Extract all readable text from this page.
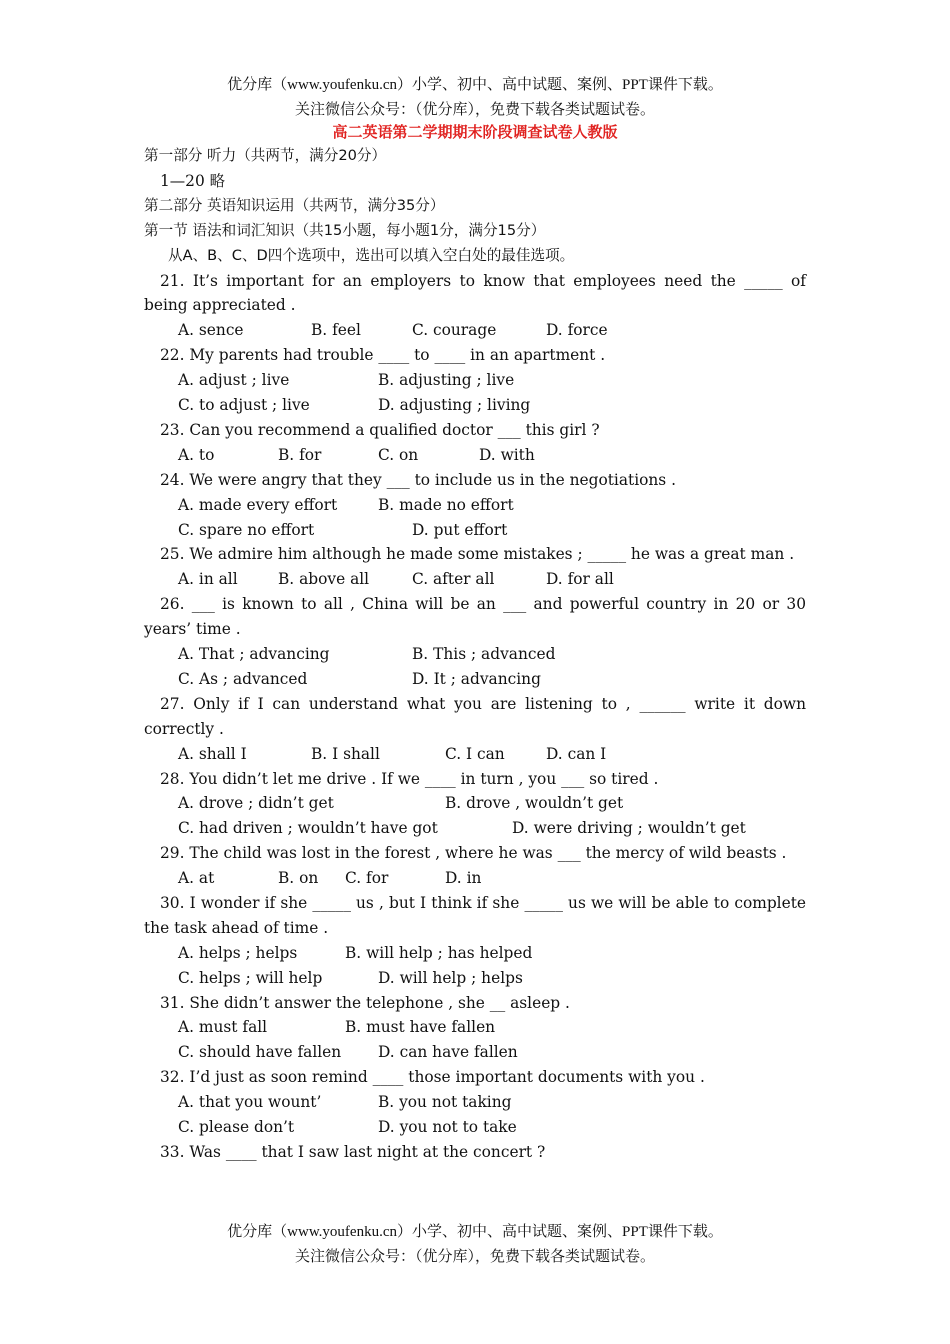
优分库（www.youfenku.cn）小学、初中、高中试题、案例、PPT课件下载。
关注微信公众号：（优分库），免费下载各类试题试卷。
高二英语第二学期期末阶段调查试卷人教版
第一部分 听力（共两节，满分20分）
1—20 略
第二部分 英语知识运用（共两节，满分35分）
第一节 语法和词汇知识（共15小题，每小题1分，满分15分）
从A、B、C、D四个选项中，选出可以填入空白处的最佳选项。
21. It’s important for an employers to know that employees need the _____ of being appreciated .
A. sence	B. feel	C. courage	D. force
22. My parents had trouble ____ to ____ in an apartment .
A. adjust ; live	B. adjusting ; live
C. to adjust ; live	D. adjusting ; living
23. Can you recommend a qualified doctor ___ this girl ?
A. to	B. for	C. on	D. with
24. We were angry that they ___ to include us in the negotiations .
A. made every effort	B. made no effort
C. spare no effort	D. put effort
25. We admire him although he made some mistakes ; _____ he was a great man .
A. in all	B. above all	C. after all	D. for all
26. ___ is known to all , China will be an ___ and powerful country in 20 or 30 years’ time .
A. That ; advancing	B. This ; advanced
C. As ; advanced	D. It ; advancing
27. Only if I can understand what you are listening to , ______ write it down correctly .
A. shall I	B. I shall	C. I can	D. can I
28. You didn’t let me drive . If we ____ in turn , you ___ so tired .
A. drove ; didn’t get	B. drove , wouldn’t get
C. had driven ; wouldn’t have got	D. were driving ; wouldn’t get
29. The child was lost in the forest , where he was ___ the mercy of wild beasts .
A. at	B. on C. for	D. in
30. I wonder if she _____ us , but I think if she _____ us we will be able to complete the task ahead of time .
A. helps ; helps	B. will help ; has helped
C. helps ; will help	D. will help ; helps
31. She didn’t answer the telephone , she __ asleep .
A. must fall	B. must have fallen
C. should have fallen D. can have fallen
32. I’d just as soon remind ____ those important documents with you .
A. that you wount’	B. you not taking
C. please don’t	D. you not to take
33. Was ____ that I saw last night at the concert ?
优分库（www.youfenku.cn）小学、初中、高中试题、案例、PPT课件下载。
关注微信公众号：（优分库），免费下载各类试题试卷。
